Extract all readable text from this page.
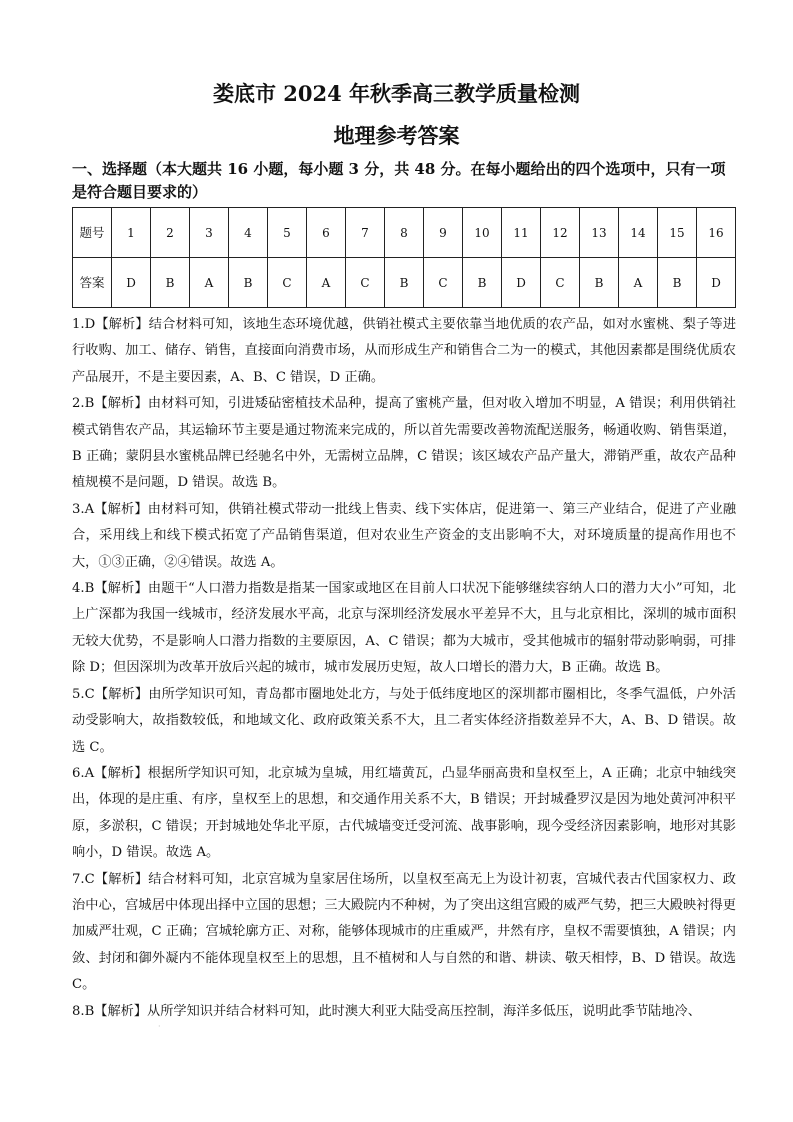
娄底市 2024 年秋季高三教学质量检测
地理参考答案
一、选择题（本大题共 16 小题，每小题 3 分，共 48 分。在每小题给出的四个选项中，只有一项是符合题目要求的）
题号	1	2	3	4	5	6	7	8	9	10	11	12	13	14	15	16
答案	D	B	A	B	C	A	C	B	C	B	D	C	B	A	B	D

1.D【解析】结合材料可知，该地生态环境优越，供销社模式主要依靠当地优质的农产品，如对水蜜桃、梨子等进行收购、加工、储存、销售，直接面向消费市场，从而形成生产和销售合二为一的模式，其他因素都是围绕优质农产品展开，不是主要因素，A、B、C 错误，D 正确。

2.B【解析】由材料可知，引进矮砧密植技术品种，提高了蜜桃产量，但对收入增加不明显，A 错误；利用供销社模式销售农产品，其运输环节主要是通过物流来完成的，所以首先需要改善物流配送服务，畅通收购、销售渠道，B 正确；蒙阴县水蜜桃品牌已经驰名中外，无需树立品牌，C 错误；该区域农产品产量大，滞销严重，故农产品种植规模不是问题，D 错误。故选 B。

3.A【解析】由材料可知，供销社模式带动一批线上售卖、线下实体店，促进第一、第三产业结合，促进了产业融合，采用线上和线下模式拓宽了产品销售渠道，但对农业生产资金的支出影响不大，对环境质量的提高作用也不大，①③正确，②④错误。故选 A。

4.B【解析】由题干“人口潜力指数是指某一国家或地区在目前人口状况下能够继续容纳人口的潜力大小”可知，北上广深都为我国一线城市，经济发展水平高，北京与深圳经济发展水平差异不大，且与北京相比，深圳的城市面积无较大优势，不是影响人口潜力指数的主要原因，A、C 错误；都为大城市，受其他城市的辐射带动影响弱，可排除 D；但因深圳为改革开放后兴起的城市，城市发展历史短，故人口增长的潜力大，B 正确。故选 B。

5.C【解析】由所学知识可知，青岛都市圈地处北方，与处于低纬度地区的深圳都市圈相比，冬季气温低，户外活动受影响大，故指数较低，和地域文化、政府政策关系不大，且二者实体经济指数差异不大，A、B、D 错误。故选 C。

6.A【解析】根据所学知识可知，北京城为皇城，用红墙黄瓦，凸显华丽高贵和皇权至上，A 正确；北京中轴线突出，体现的是庄重、有序，皇权至上的思想，和交通作用关系不大，B 错误；开封城叠罗汉是因为地处黄河冲积平原，多淤积，C 错误；开封城地处华北平原，古代城墙变迁受河流、战事影响，现今受经济因素影响，地形对其影响小，D 错误。故选 A。

7.C【解析】结合材料可知，北京宫城为皇家居住场所，以皇权至高无上为设计初衷，宫城代表古代国家权力、政治中心，宫城居中体现出择中立国的思想；三大殿院内不种树，为了突出这组宫殿的威严气势，把三大殿映衬得更加威严壮观，C 正确；宫城轮廓方正、对称，能够体现城市的庄重威严，井然有序，皇权不需要慎独，A 错误；内敛、封闭和御外凝内不能体现皇权至上的思想，且不植树和人与自然的和谐、耕读、敬天相悖，B、D 错误。故选 C。

8.B【解析】从所学知识并结合材料可知，此时澳大利亚大陆受高压控制，海洋多低压，说明此季节陆地冷、

·
